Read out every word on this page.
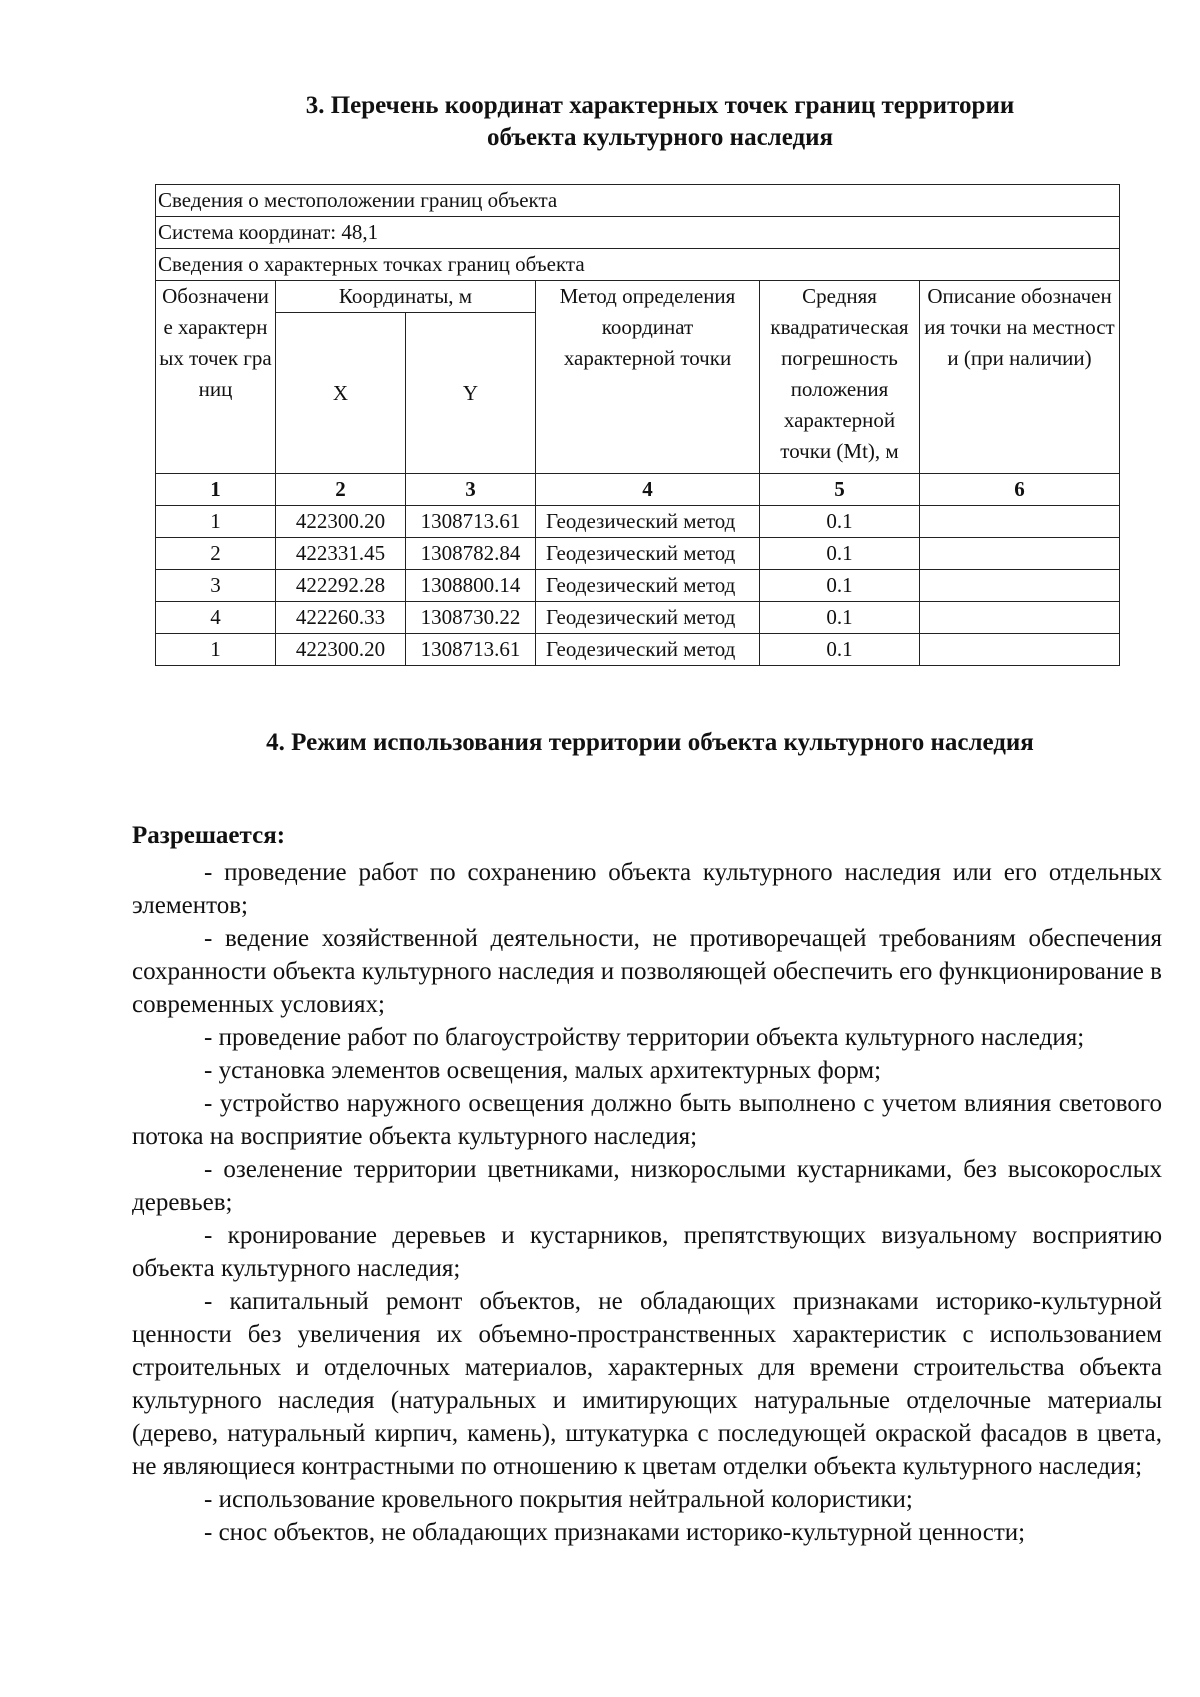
3. Перечень координат характерных точек границ территории
объекта культурного наследия
Сведения о местоположении границ объекта					
Система координат: 48,1					
Сведения о характерных точках границ объекта					
Обозначение характерных точек границ	Координаты, м		Метод определения координат характерной точки	Средняя квадратическая погрешность положения характерной точки (Mt), м	Описание обозначения точки на местности (при наличии)
	X	Y			
1	2	3	4	5	6
1	422300.20	1308713.61	Геодезический метод	0.1	
2	422331.45	1308782.84	Геодезический метод	0.1	
3	422292.28	1308800.14	Геодезический метод	0.1	
4	422260.33	1308730.22	Геодезический метод	0.1	
1	422300.20	1308713.61	Геодезический метод	0.1	
4. Режим использования территории объекта культурного наследия
Разрешается:

- проведение работ по сохранению объекта культурного наследия или его отдельных элементов;

- ведение хозяйственной деятельности, не противоречащей требованиям обеспечения сохранности объекта культурного наследия и позволяющей обеспечить его функционирование в современных условиях;

- проведение работ по благоустройству территории объекта культурного наследия;

- установка элементов освещения, малых архитектурных форм;

- устройство наружного освещения должно быть выполнено с учетом влияния светового потока на восприятие объекта культурного наследия;

- озеленение территории цветниками, низкорослыми кустарниками, без высокорослых деревьев;

- кронирование деревьев и кустарников, препятствующих визуальному восприятию объекта культурного наследия;

- капитальный ремонт объектов, не обладающих признаками историко-культурной ценности без увеличения их объемно-пространственных характеристик с использованием строительных и отделочных материалов, характерных для времени строительства объекта культурного наследия (натуральных и имитирующих натуральные отделочные материалы (дерево, натуральный кирпич, камень), штукатурка с последующей окраской фасадов в цвета, не являющиеся контрастными по отношению к цветам отделки объекта культурного наследия;

- использование кровельного покрытия нейтральной колористики;

- снос объектов, не обладающих признаками историко-культурной ценности;
